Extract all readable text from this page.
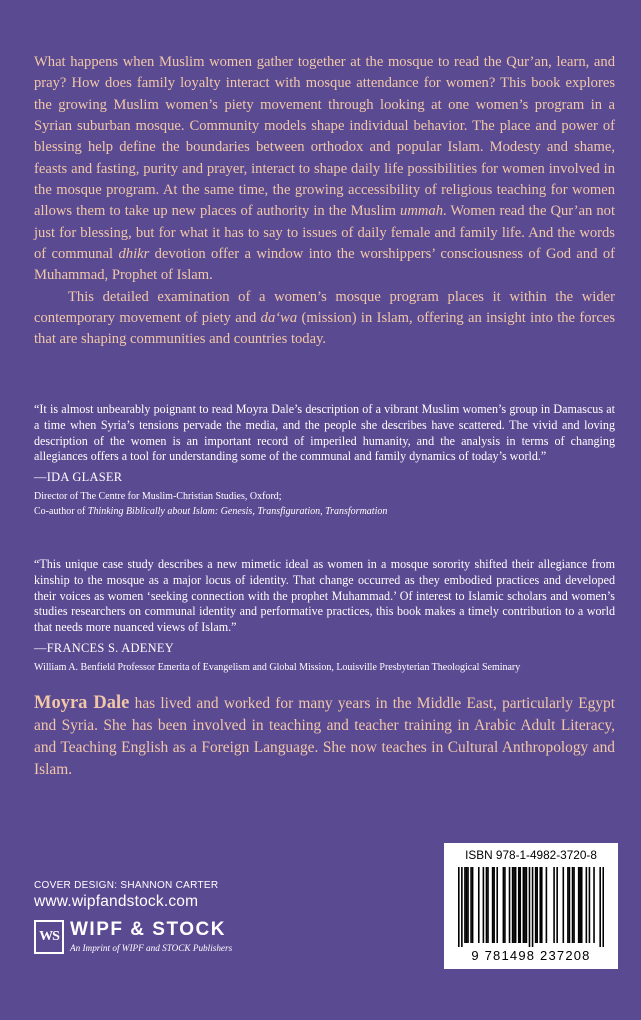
What happens when Muslim women gather together at the mosque to read the Qur’an, learn, and pray? How does family loyalty interact with mosque attendance for women? This book explores the growing Muslim women’s piety movement through looking at one women’s program in a Syrian suburban mosque. Community models shape individual behavior. The place and power of blessing help define the boundaries between orthodox and popular Islam. Modesty and shame, feasts and fasting, purity and prayer, interact to shape daily life possibilities for women involved in the mosque program. At the same time, the growing accessibility of religious teaching for women allows them to take up new places of authority in the Muslim ummah. Women read the Qur’an not just for blessing, but for what it has to say to issues of daily female and family life. And the words of communal dhikr devotion offer a window into the worshippers’ consciousness of God and of Muhammad, Prophet of Islam.

This detailed examination of a women’s mosque program places it within the wider contemporary movement of piety and da‘wa (mission) in Islam, offering an insight into the forces that are shaping communities and countries today.

“It is almost unbearably poignant to read Moyra Dale’s description of a vibrant Muslim women’s group in Damascus at a time when Syria’s tensions pervade the media, and the people she describes have scattered. The vivid and loving description of the women is an important record of imperiled humanity, and the analysis in terms of changing allegiances offers a tool for understanding some of the communal and family dynamics of today’s world.”

—IDA GLASER

Director of The Centre for Muslim-Christian Studies, Oxford;

Co-author of Thinking Biblically about Islam: Genesis, Transfiguration, Transformation

“This unique case study describes a new mimetic ideal as women in a mosque sorority shifted their allegiance from kinship to the mosque as a major locus of identity. That change occurred as they embodied practices and developed their voices as women ‘seeking connection with the prophet Muhammad.’ Of interest to Islamic scholars and women’s studies researchers on communal identity and performative practices, this book makes a timely contribution to a world that needs more nuanced views of Islam.”

—FRANCES S. ADENEY

William A. Benfield Professor Emerita of Evangelism and Global Mission, Louisville Presbyterian Theological Seminary

Moyra Dale has lived and worked for many years in the Middle East, particularly Egypt and Syria. She has been involved in teaching and teacher training in Arabic Adult Literacy, and Teaching English as a Foreign Language. She now teaches in Cultural Anthropology and Islam.

COVER DESIGN: SHANNON CARTER
www.wipfandstock.com
WS WIPF & STOCK
An Imprint of WIPF and STOCK Publishers
ISBN 978-1-4982-3720-8
9 781498 237208
